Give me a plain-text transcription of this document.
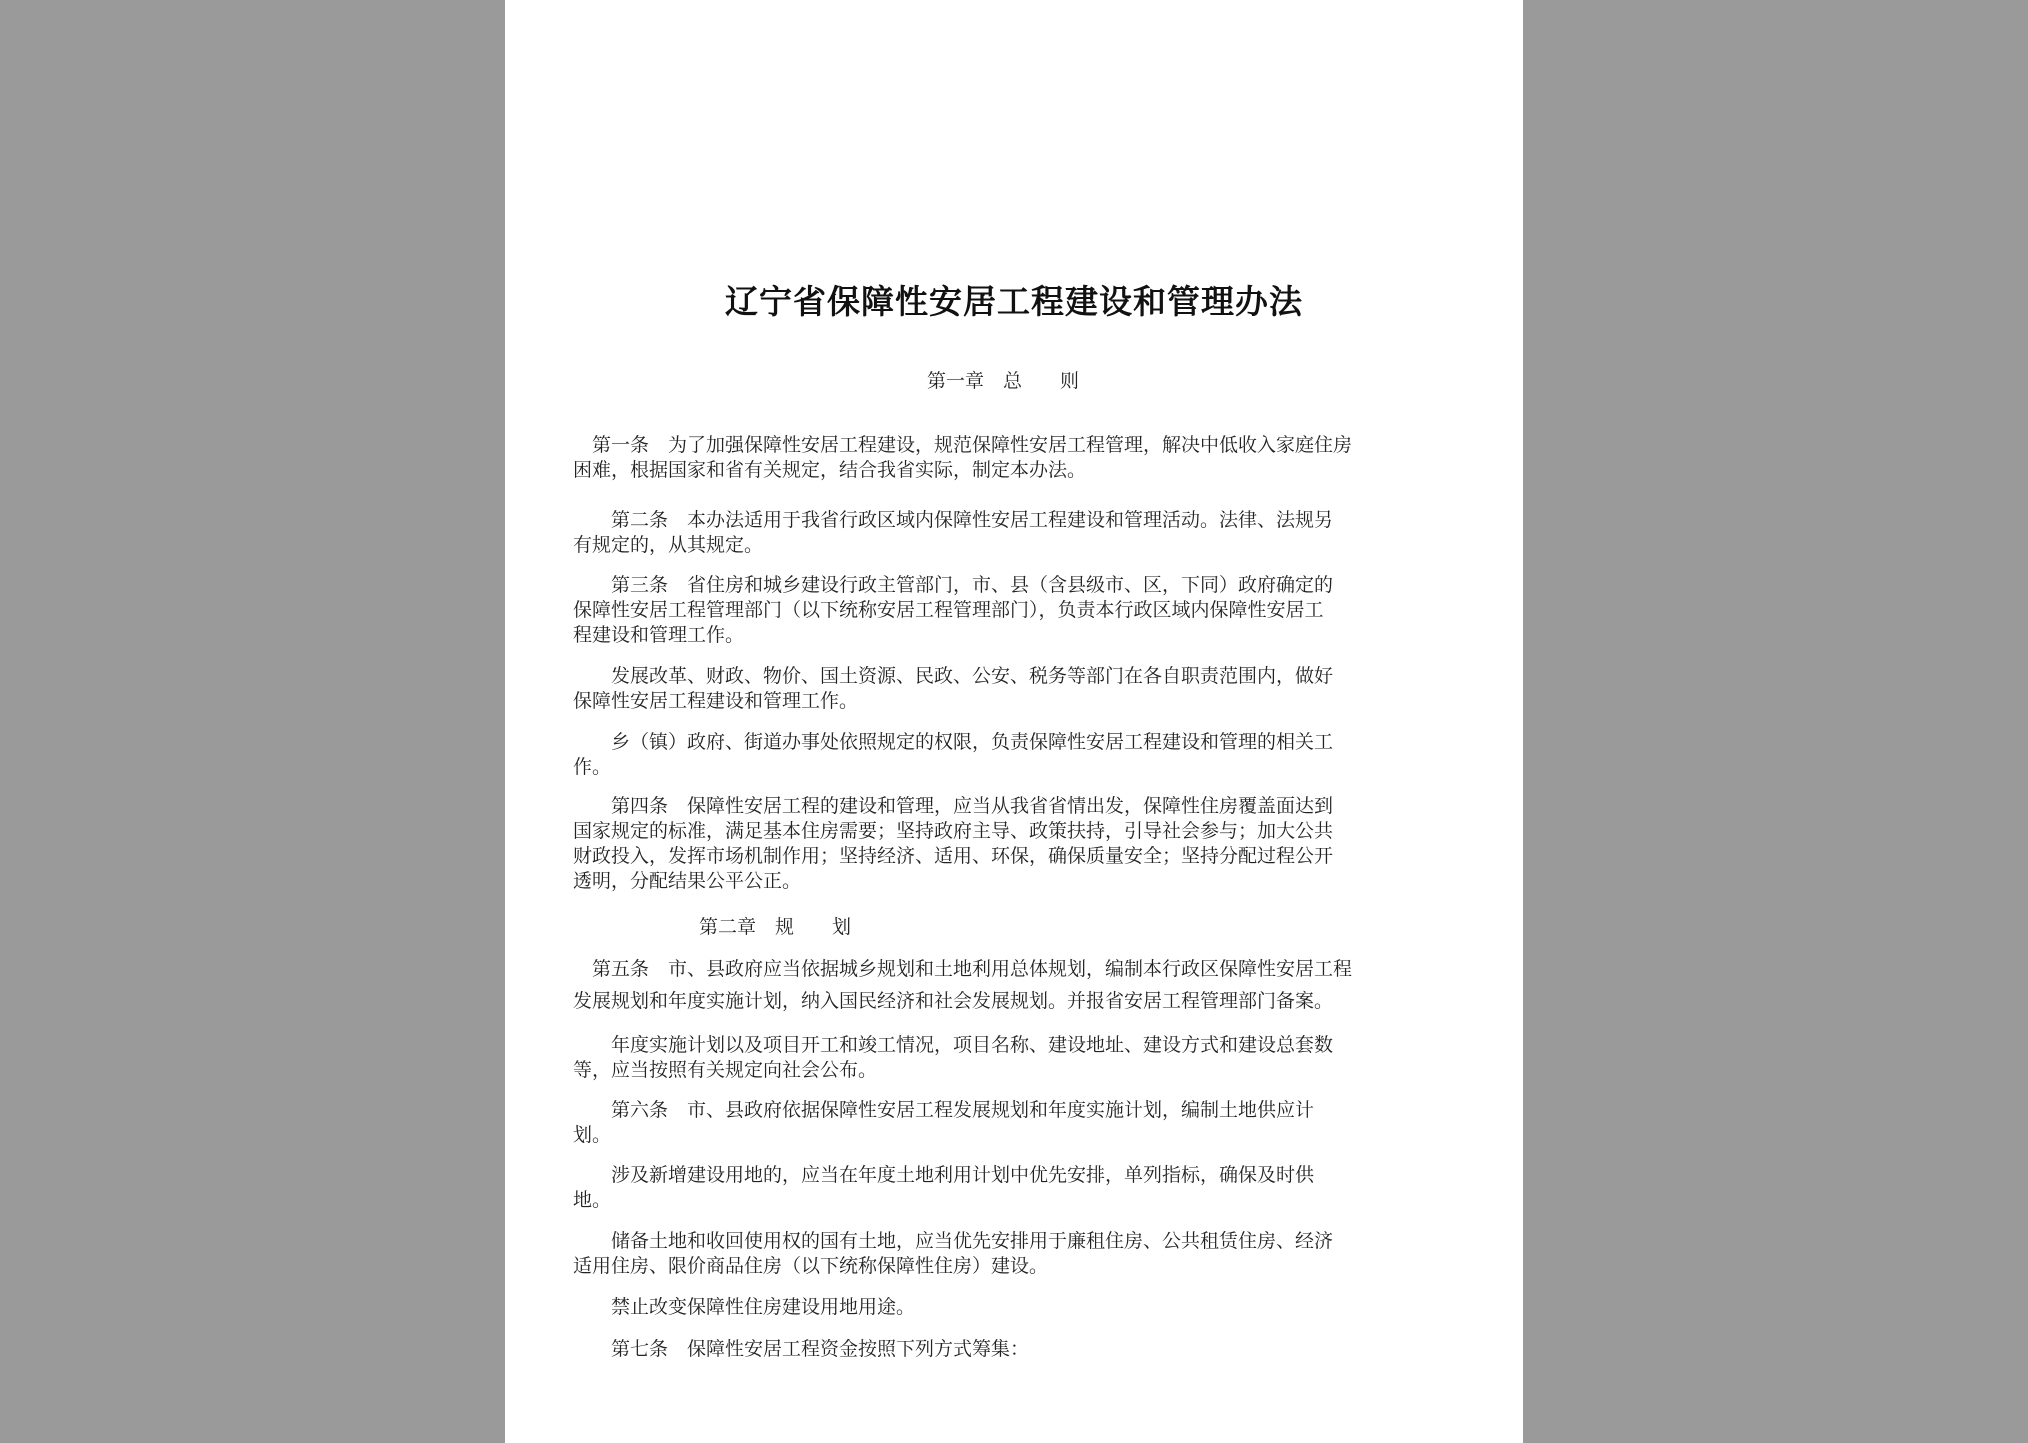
辽宁省保障性安居工程建设和管理办法
第一章　总　　则
　第一条　为了加强保障性安居工程建设，规范保障性安居工程管理，解决中低收入家庭住房
困难，根据国家和省有关规定，结合我省实际，制定本办法。
　　第二条　本办法适用于我省行政区域内保障性安居工程建设和管理活动。法律、法规另
有规定的，从其规定。
　　第三条　省住房和城乡建设行政主管部门，市、县（含县级市、区，下同）政府确定的
保障性安居工程管理部门（以下统称安居工程管理部门），负责本行政区域内保障性安居工
程建设和管理工作。
　　发展改革、财政、物价、国土资源、民政、公安、税务等部门在各自职责范围内，做好
保障性安居工程建设和管理工作。
　　乡（镇）政府、街道办事处依照规定的权限，负责保障性安居工程建设和管理的相关工
作。
　　第四条　保障性安居工程的建设和管理，应当从我省省情出发，保障性住房覆盖面达到
国家规定的标准，满足基本住房需要；坚持政府主导、政策扶持，引导社会参与；加大公共
财政投入，发挥市场机制作用；坚持经济、适用、环保，确保质量安全；坚持分配过程公开
透明，分配结果公平公正。
第二章　规　　划
　第五条　市、县政府应当依据城乡规划和土地利用总体规划，编制本行政区保障性安居工程
发展规划和年度实施计划，纳入国民经济和社会发展规划。并报省安居工程管理部门备案。
　　年度实施计划以及项目开工和竣工情况，项目名称、建设地址、建设方式和建设总套数
等，应当按照有关规定向社会公布。
　　第六条　市、县政府依据保障性安居工程发展规划和年度实施计划，编制土地供应计
划。
　　涉及新增建设用地的，应当在年度土地利用计划中优先安排，单列指标，确保及时供
地。
　　储备土地和收回使用权的国有土地，应当优先安排用于廉租住房、公共租赁住房、经济
适用住房、限价商品住房（以下统称保障性住房）建设。
　　禁止改变保障性住房建设用地用途。
　　第七条　保障性安居工程资金按照下列方式筹集：
